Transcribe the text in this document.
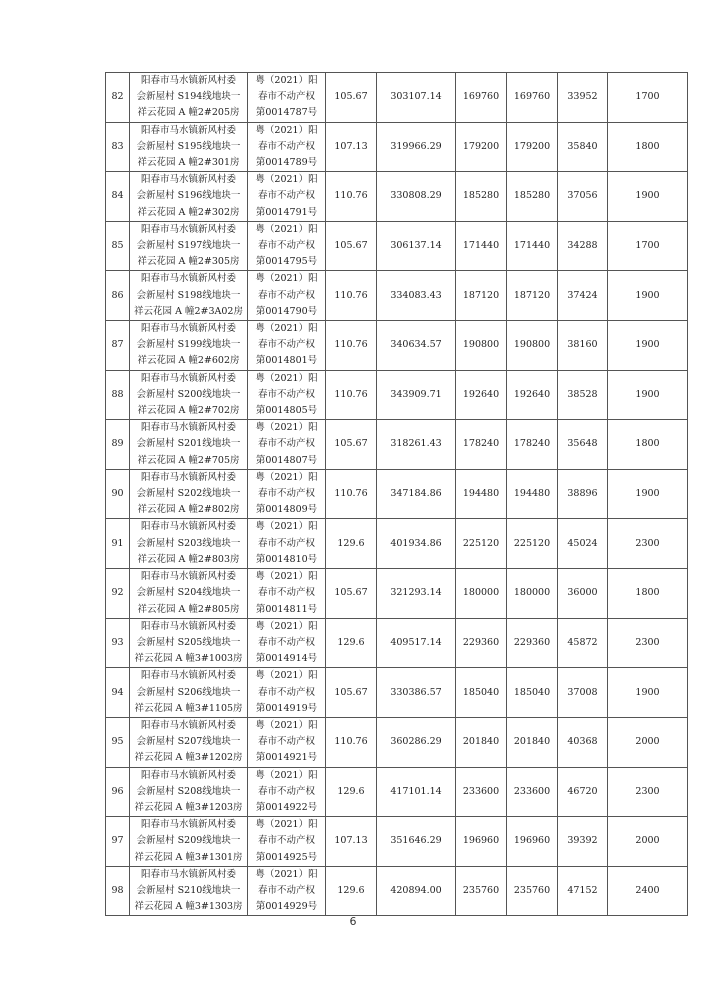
82	阳春市马水镇新风村委
会新屋村 S194线地块一
祥云花园 A 幢2#205房	粤（2021）阳
春市不动产权
第0014787号	105.67	303107.14	169760	169760	33952	1700
83	阳春市马水镇新风村委
会新屋村 S195线地块一
祥云花园 A 幢2#301房	粤（2021）阳
春市不动产权
第0014789号	107.13	319966.29	179200	179200	35840	1800
84	阳春市马水镇新风村委
会新屋村 S196线地块一
祥云花园 A 幢2#302房	粤（2021）阳
春市不动产权
第0014791号	110.76	330808.29	185280	185280	37056	1900
85	阳春市马水镇新风村委
会新屋村 S197线地块一
祥云花园 A 幢2#305房	粤（2021）阳
春市不动产权
第0014795号	105.67	306137.14	171440	171440	34288	1700
86	阳春市马水镇新风村委
会新屋村 S198线地块一
祥云花园 A 幢2#3A02房	粤（2021）阳
春市不动产权
第0014790号	110.76	334083.43	187120	187120	37424	1900
87	阳春市马水镇新风村委
会新屋村 S199线地块一
祥云花园 A 幢2#602房	粤（2021）阳
春市不动产权
第0014801号	110.76	340634.57	190800	190800	38160	1900
88	阳春市马水镇新风村委
会新屋村 S200线地块一
祥云花园 A 幢2#702房	粤（2021）阳
春市不动产权
第0014805号	110.76	343909.71	192640	192640	38528	1900
89	阳春市马水镇新风村委
会新屋村 S201线地块一
祥云花园 A 幢2#705房	粤（2021）阳
春市不动产权
第0014807号	105.67	318261.43	178240	178240	35648	1800
90	阳春市马水镇新风村委
会新屋村 S202线地块一
祥云花园 A 幢2#802房	粤（2021）阳
春市不动产权
第0014809号	110.76	347184.86	194480	194480	38896	1900
91	阳春市马水镇新风村委
会新屋村 S203线地块一
祥云花园 A 幢2#803房	粤（2021）阳
春市不动产权
第0014810号	129.6	401934.86	225120	225120	45024	2300
92	阳春市马水镇新风村委
会新屋村 S204线地块一
祥云花园 A 幢2#805房	粤（2021）阳
春市不动产权
第0014811号	105.67	321293.14	180000	180000	36000	1800
93	阳春市马水镇新风村委
会新屋村 S205线地块一
祥云花园 A 幢3#1003房	粤（2021）阳
春市不动产权
第0014914号	129.6	409517.14	229360	229360	45872	2300
94	阳春市马水镇新风村委
会新屋村 S206线地块一
祥云花园 A 幢3#1105房	粤（2021）阳
春市不动产权
第0014919号	105.67	330386.57	185040	185040	37008	1900
95	阳春市马水镇新风村委
会新屋村 S207线地块一
祥云花园 A 幢3#1202房	粤（2021）阳
春市不动产权
第0014921号	110.76	360286.29	201840	201840	40368	2000
96	阳春市马水镇新风村委
会新屋村 S208线地块一
祥云花园 A 幢3#1203房	粤（2021）阳
春市不动产权
第0014922号	129.6	417101.14	233600	233600	46720	2300
97	阳春市马水镇新风村委
会新屋村 S209线地块一
祥云花园 A 幢3#1301房	粤（2021）阳
春市不动产权
第0014925号	107.13	351646.29	196960	196960	39392	2000
98	阳春市马水镇新风村委
会新屋村 S210线地块一
祥云花园 A 幢3#1303房	粤（2021）阳
春市不动产权
第0014929号	129.6	420894.00	235760	235760	47152	2400
6
